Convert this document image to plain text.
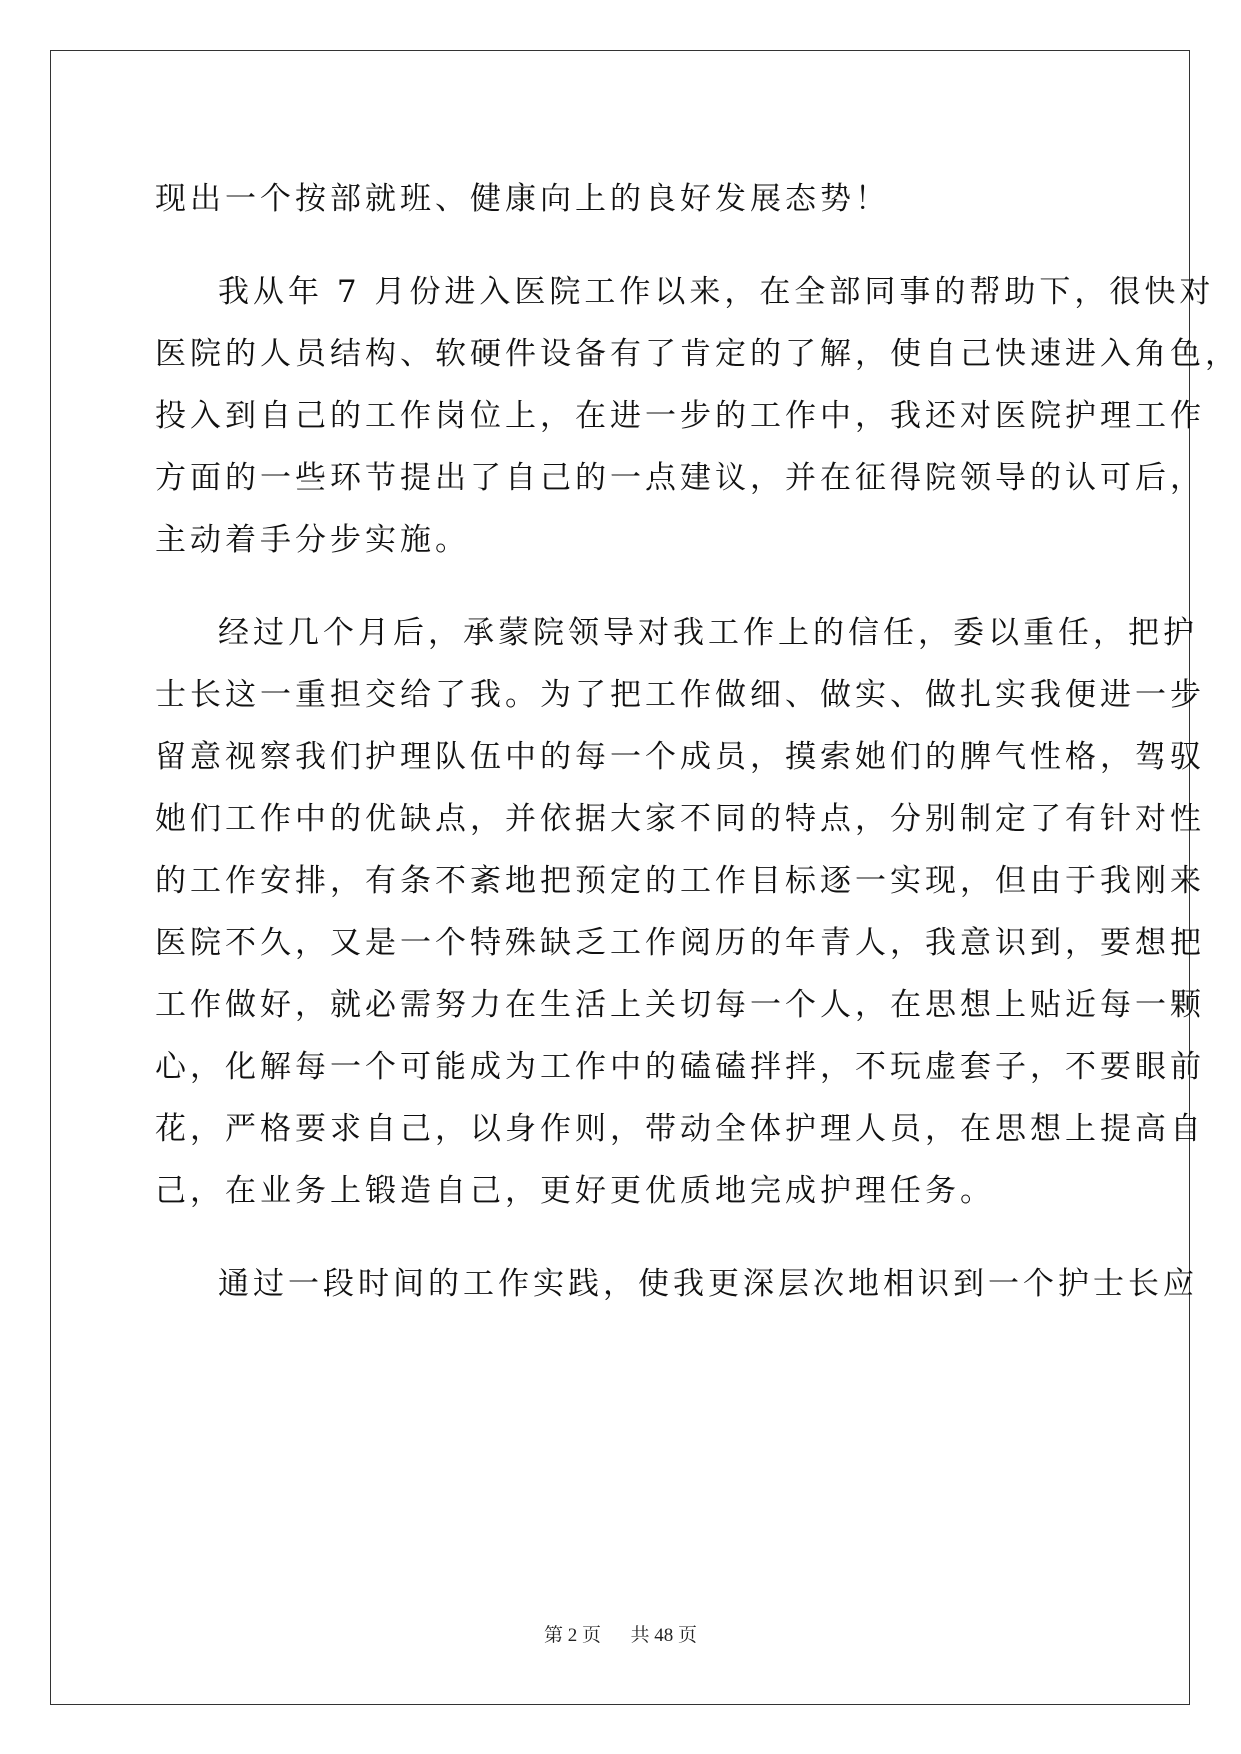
现出一个按部就班、健康向上的良好发展态势！
我从年 7 月份进入医院工作以来，在全部同事的帮助下，很快对
医院的人员结构、软硬件设备有了肯定的了解，使自己快速进入角色，
投入到自己的工作岗位上，在进一步的工作中，我还对医院护理工作
方面的一些环节提出了自己的一点建议，并在征得院领导的认可后，
主动着手分步实施。
经过几个月后，承蒙院领导对我工作上的信任，委以重任，把护
士长这一重担交给了我。为了把工作做细、做实、做扎实我便进一步
留意视察我们护理队伍中的每一个成员，摸索她们的脾气性格，驾驭
她们工作中的优缺点，并依据大家不同的特点，分别制定了有针对性
的工作安排，有条不紊地把预定的工作目标逐一实现，但由于我刚来
医院不久，又是一个特殊缺乏工作阅历的年青人，我意识到，要想把
工作做好，就必需努力在生活上关切每一个人，在思想上贴近每一颗
心，化解每一个可能成为工作中的磕磕拌拌，不玩虚套子，不要眼前
花，严格要求自己，以身作则，带动全体护理人员，在思想上提高自
己，在业务上锻造自己，更好更优质地完成护理任务。
通过一段时间的工作实践，使我更深层次地相识到一个护士长应
第 2 页 共 48 页
